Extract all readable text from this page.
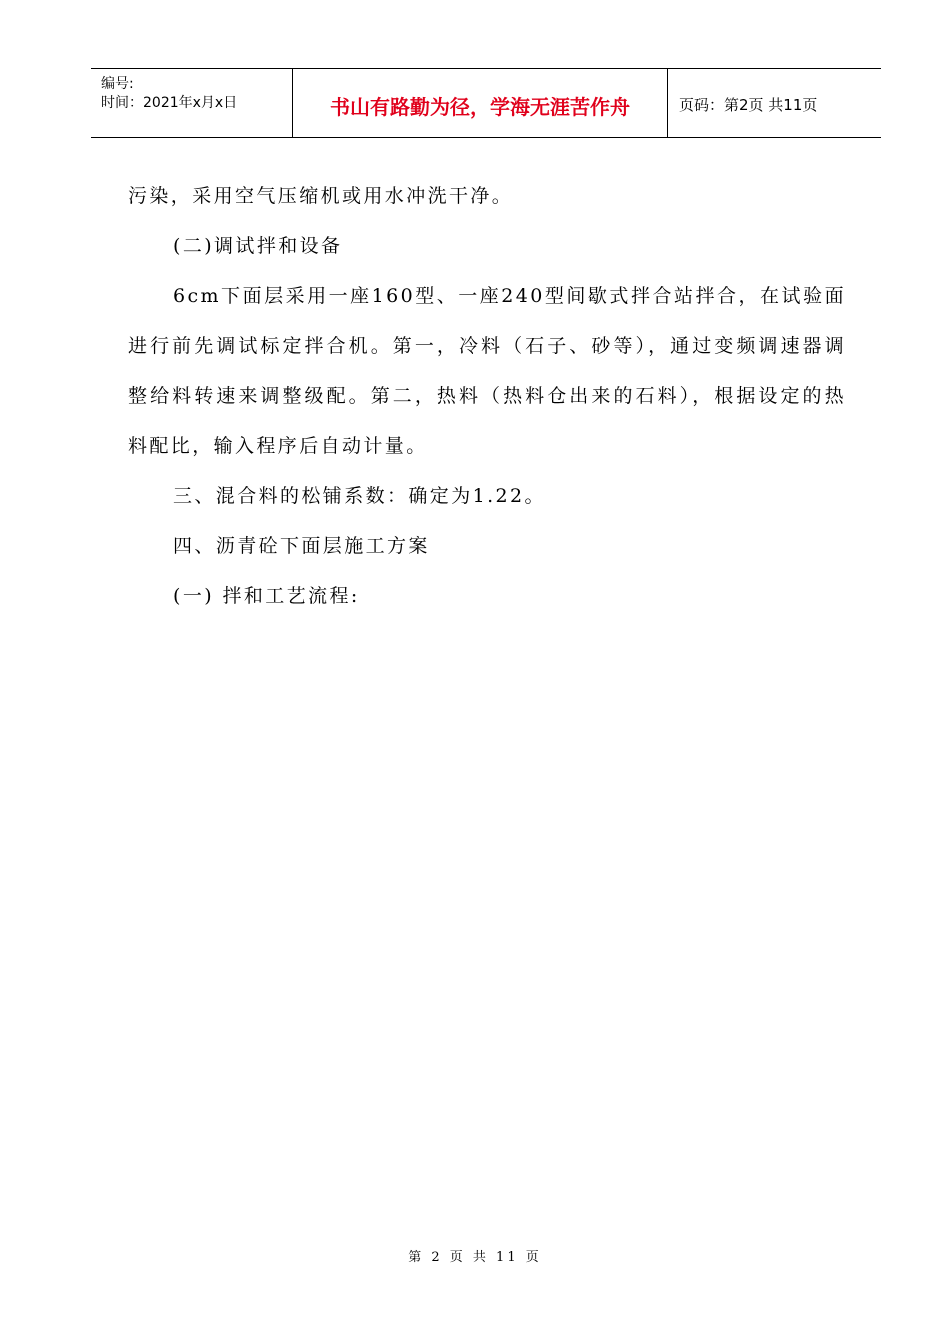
编号:
时间：2021年x月x日	书山有路勤为径，学海无涯苦作舟	页码：第2页 共11页

污染，采用空气压缩机或用水冲洗干净。

(二)调试拌和设备

6cm下面层采用一座160型、一座240型间歇式拌合站拌合，在试验面进行前先调试标定拌合机。第一，冷料（石子、砂等），通过变频调速器调整给料转速来调整级配。第二，热料（热料仓出来的石料），根据设定的热料配比，输入程序后自动计量。

三、混合料的松铺系数：确定为1.22。

四、沥青砼下面层施工方案

(一) 拌和工艺流程:

第 2 页 共 11 页
